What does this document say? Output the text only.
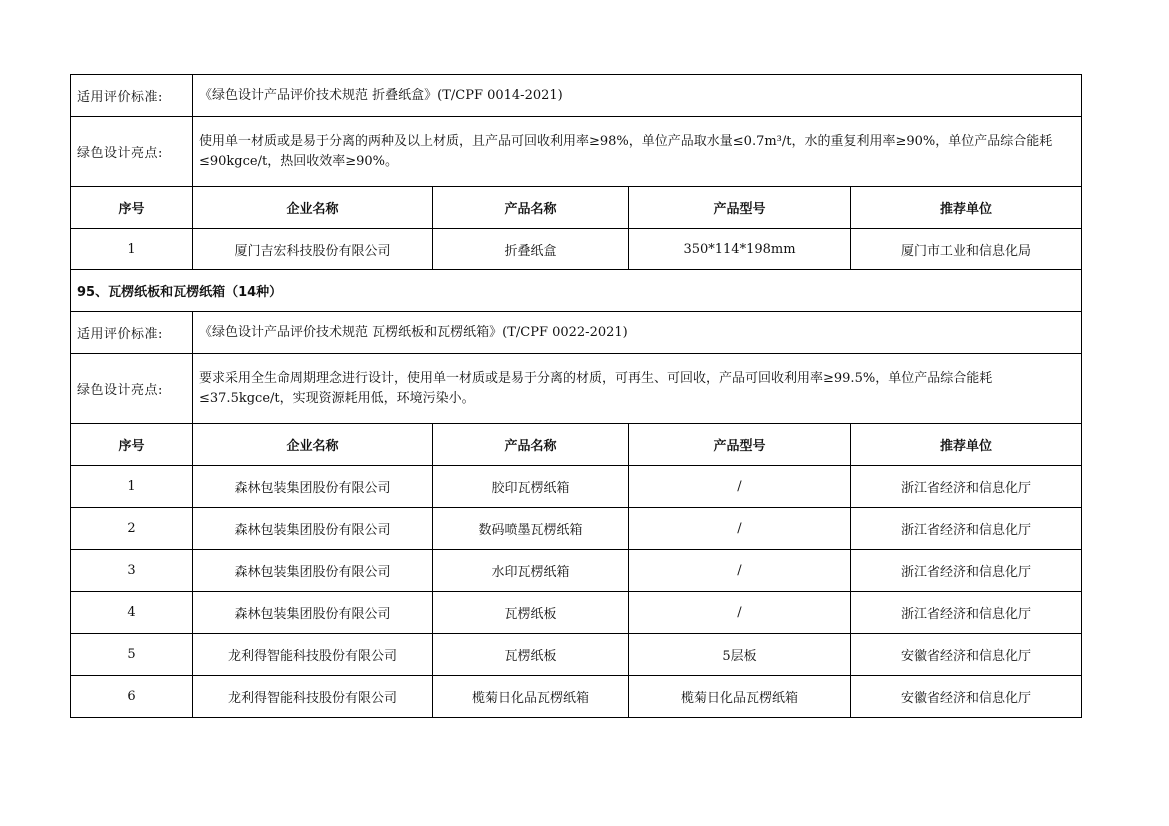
适用评价标准:	《绿色设计产品评价技术规范 折叠纸盒》(T/CPF 0014-2021)			
绿色设计亮点:	使用单一材质或是易于分离的两种及以上材质，且产品可回收利用率≥98%，单位产品取水量≤0.7m³/t，水的重复利用率≥90%，单位产品综合能耗≤90kgce/t，热回收效率≥90%。			
序号	企业名称	产品名称	产品型号	推荐单位
1	厦门吉宏科技股份有限公司	折叠纸盒	350*114*198mm	厦门市工业和信息化局
95、瓦楞纸板和瓦楞纸箱（14种）				
适用评价标准:	《绿色设计产品评价技术规范 瓦楞纸板和瓦楞纸箱》(T/CPF 0022-2021)			
绿色设计亮点:	要求采用全生命周期理念进行设计，使用单一材质或是易于分离的材质，可再生、可回收，产品可回收利用率≥99.5%，单位产品综合能耗≤37.5kgce/t，实现资源耗用低，环境污染小。			
序号	企业名称	产品名称	产品型号	推荐单位
1	森林包装集团股份有限公司	胶印瓦楞纸箱	/	浙江省经济和信息化厅
2	森林包装集团股份有限公司	数码喷墨瓦楞纸箱	/	浙江省经济和信息化厅
3	森林包装集团股份有限公司	水印瓦楞纸箱	/	浙江省经济和信息化厅
4	森林包装集团股份有限公司	瓦楞纸板	/	浙江省经济和信息化厅
5	龙利得智能科技股份有限公司	瓦楞纸板	5层板	安徽省经济和信息化厅
6	龙利得智能科技股份有限公司	榄菊日化品瓦楞纸箱	榄菊日化品瓦楞纸箱	安徽省经济和信息化厅
